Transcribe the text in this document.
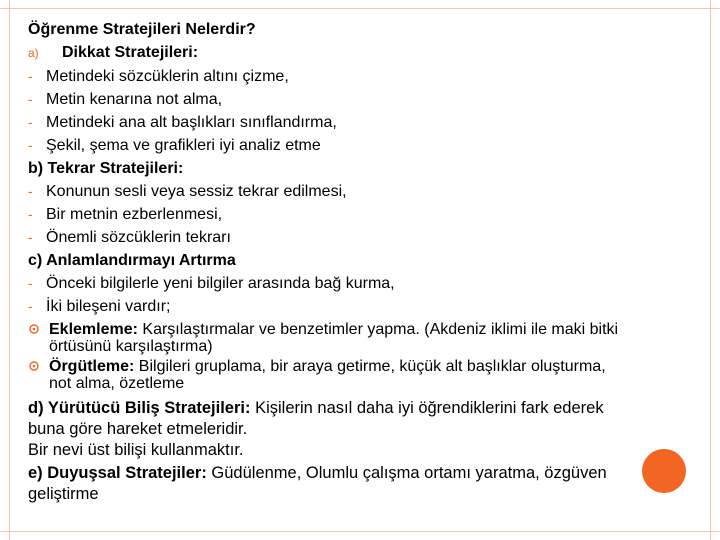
Öğrenme Stratejileri Nelerdir?
a) Dikkat Stratejileri:
- Metindeki sözcüklerin altını çizme,
- Metin kenarına not alma,
- Metindeki ana alt başlıkları sınıflandırma,
- Şekil, şema ve grafikleri iyi analiz etme
b) Tekrar Stratejileri:
- Konunun sesli veya sessiz tekrar edilmesi,
- Bir metnin ezberlenmesi,
- Önemli sözcüklerin tekrarı
c) Anlamlandırmayı Artırma
- Önceki bilgilerle yeni bilgiler arasında bağ kurma,
- İki bileşeni vardır;
Eklemleme: Karşılaştırmalar ve benzetimler yapma. (Akdeniz iklimi ile maki bitki
örtüsünü karşılaştırma)
Örgütleme: Bilgileri gruplama, bir araya getirme, küçük alt başlıklar oluşturma,
not alma, özetleme
d) Yürütücü Biliş Stratejileri: Kişilerin nasıl daha iyi öğrendiklerini fark ederek
buna göre hareket etmeleridir.
Bir nevi üst bilişi kullanmaktır.
e) Duyuşsal Stratejiler: Güdülenme, Olumlu çalışma ortamı yaratma, özgüven
geliştirme
